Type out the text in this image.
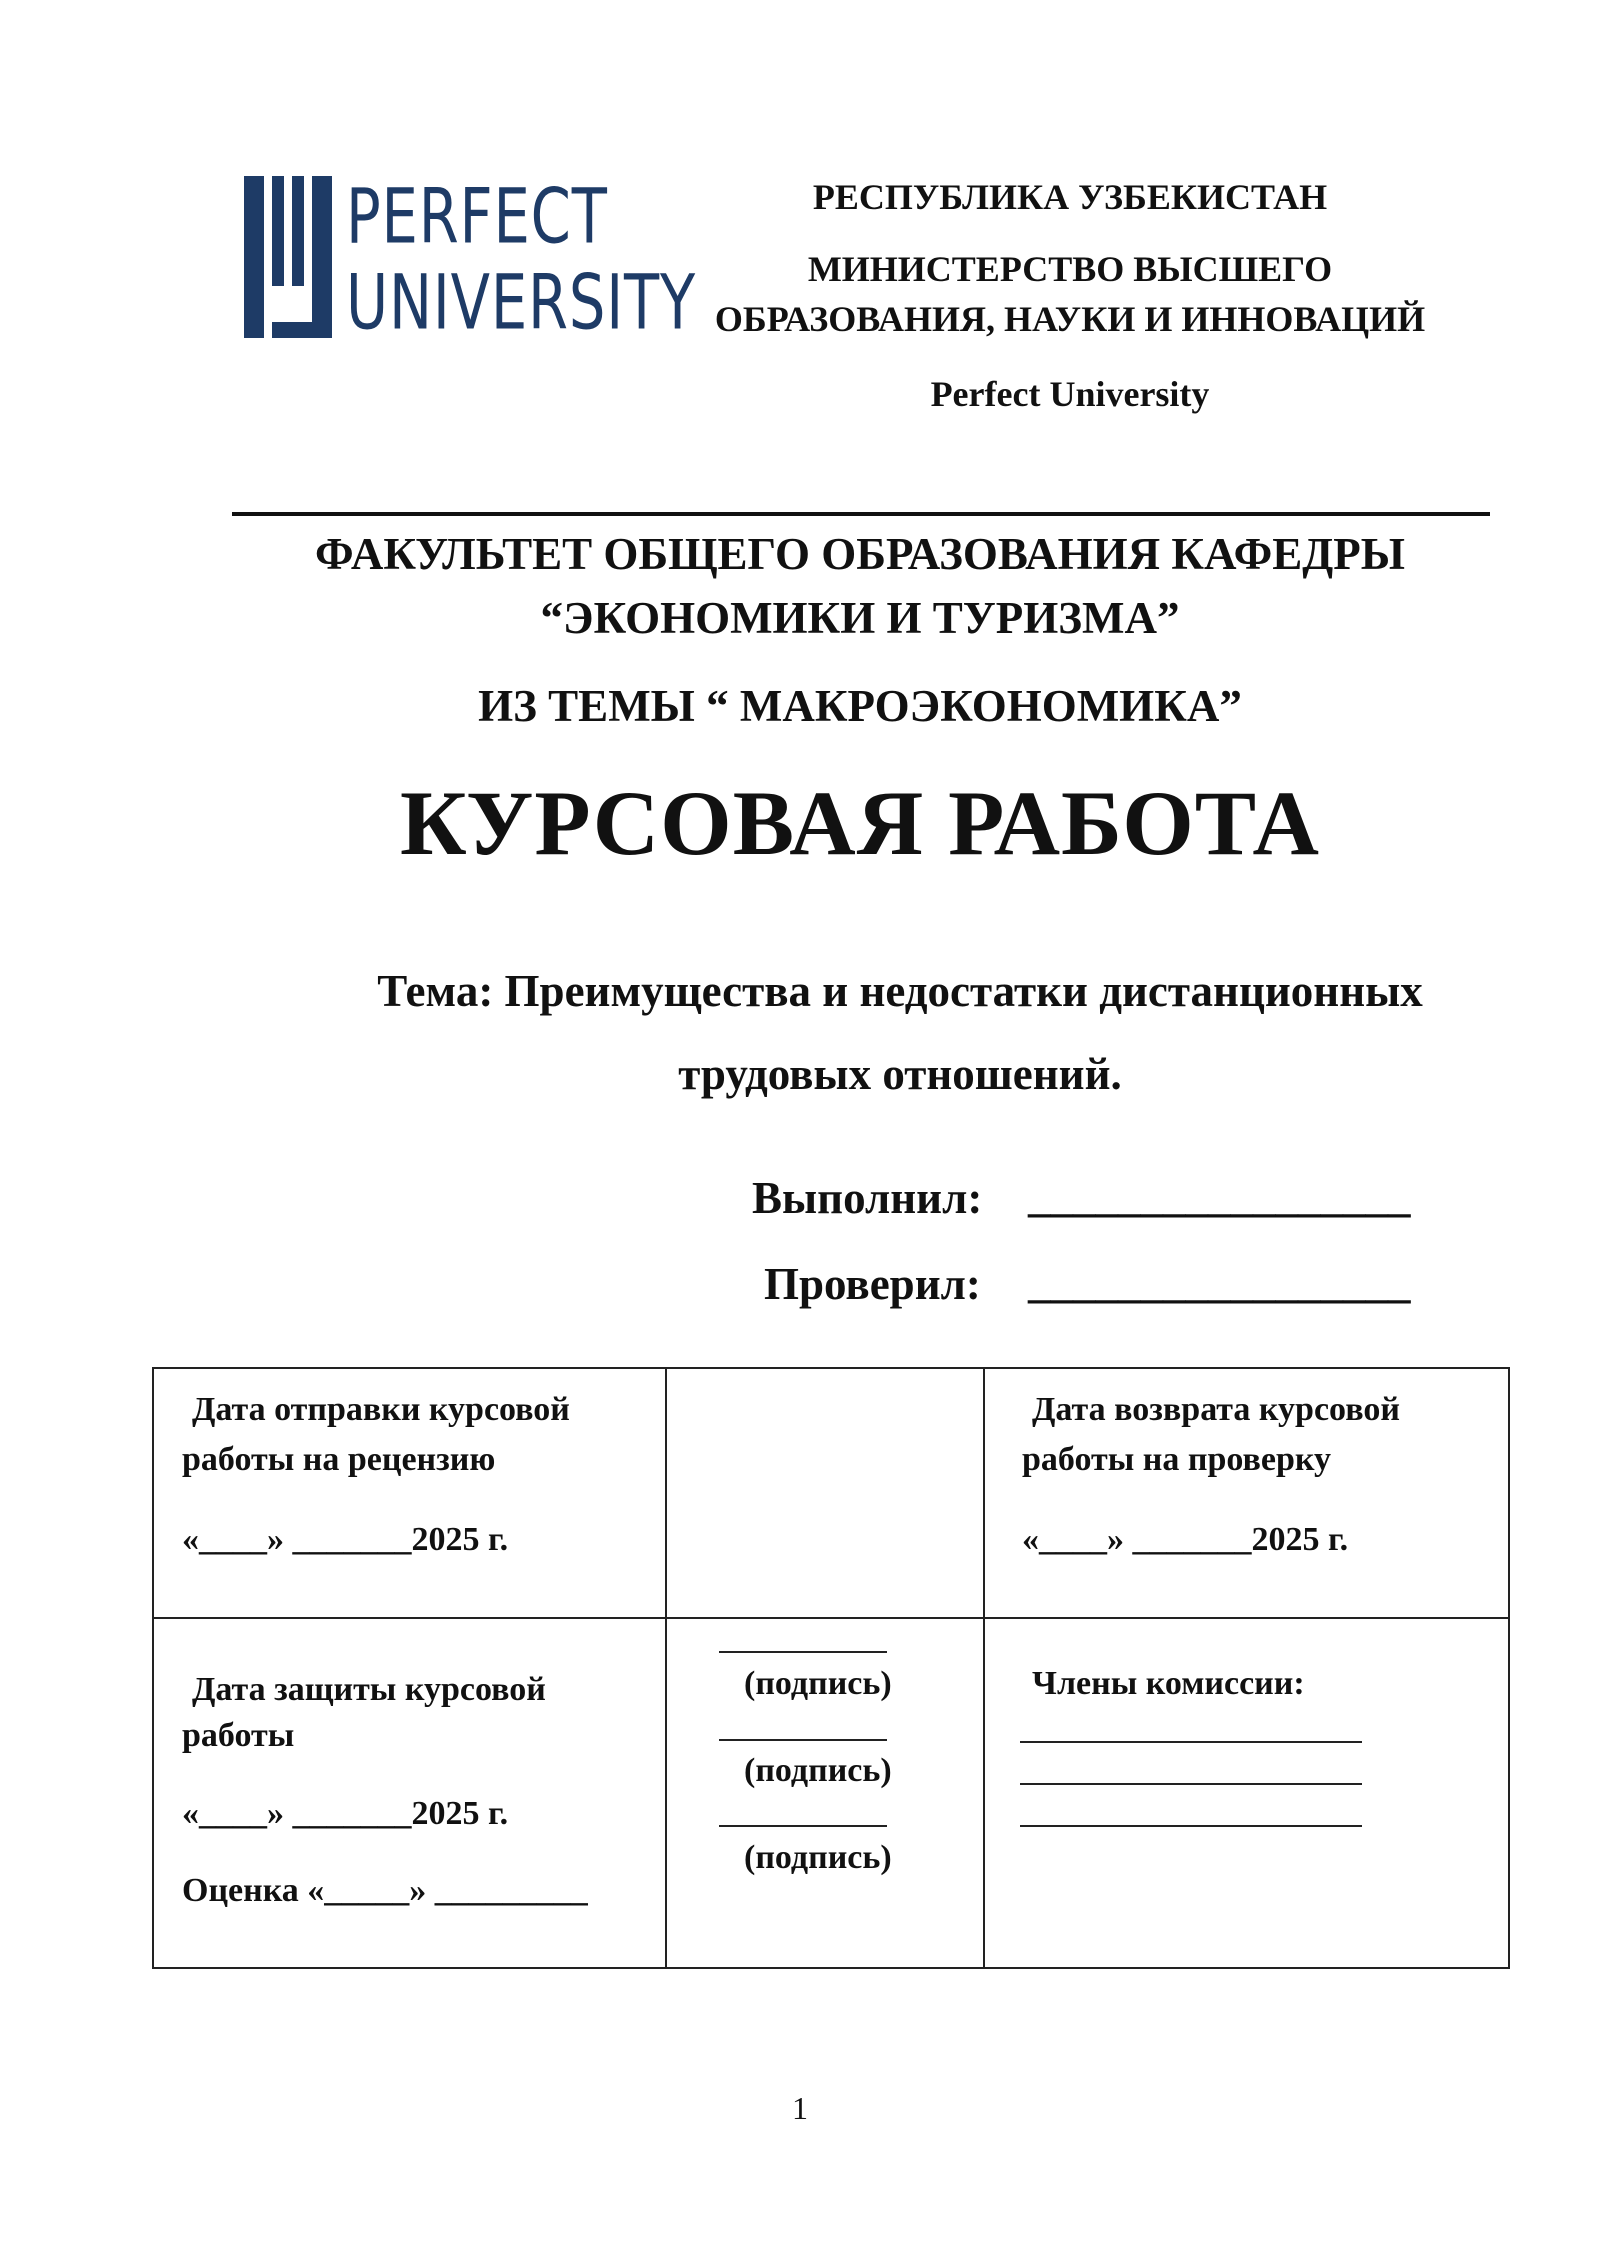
PERFECT
UNIVERSITY
РЕСПУБЛИКА УЗБЕКИСТАН
МИНИСТЕРСТВО ВЫСШЕГО
ОБРАЗОВАНИЯ, НАУКИ И ИННОВАЦИЙ
Perfect University
ФАКУЛЬТЕТ ОБЩЕГО ОБРАЗОВАНИЯ КАФЕДРЫ
“ЭКОНОМИКИ И ТУРИЗМА”
ИЗ ТЕМЫ “ МАКРОЭКОНОМИКА”
КУРСОВАЯ РАБОТА
Тема: Преимущества и недостатки дистанционных
трудовых отношений.
Выполнил: _________________
Проверил: _________________
Дата отправки курсовой
работы на рецензию
«____» _______2025 г.
Дата возврата курсовой
работы на проверку
«____» _______2025 г.
Дата защиты курсовой
работы
«____» _______2025 г.
Оценка «_____» _________
(подпись)
(подпись)
(подпись)
Члены комиссии:
1
